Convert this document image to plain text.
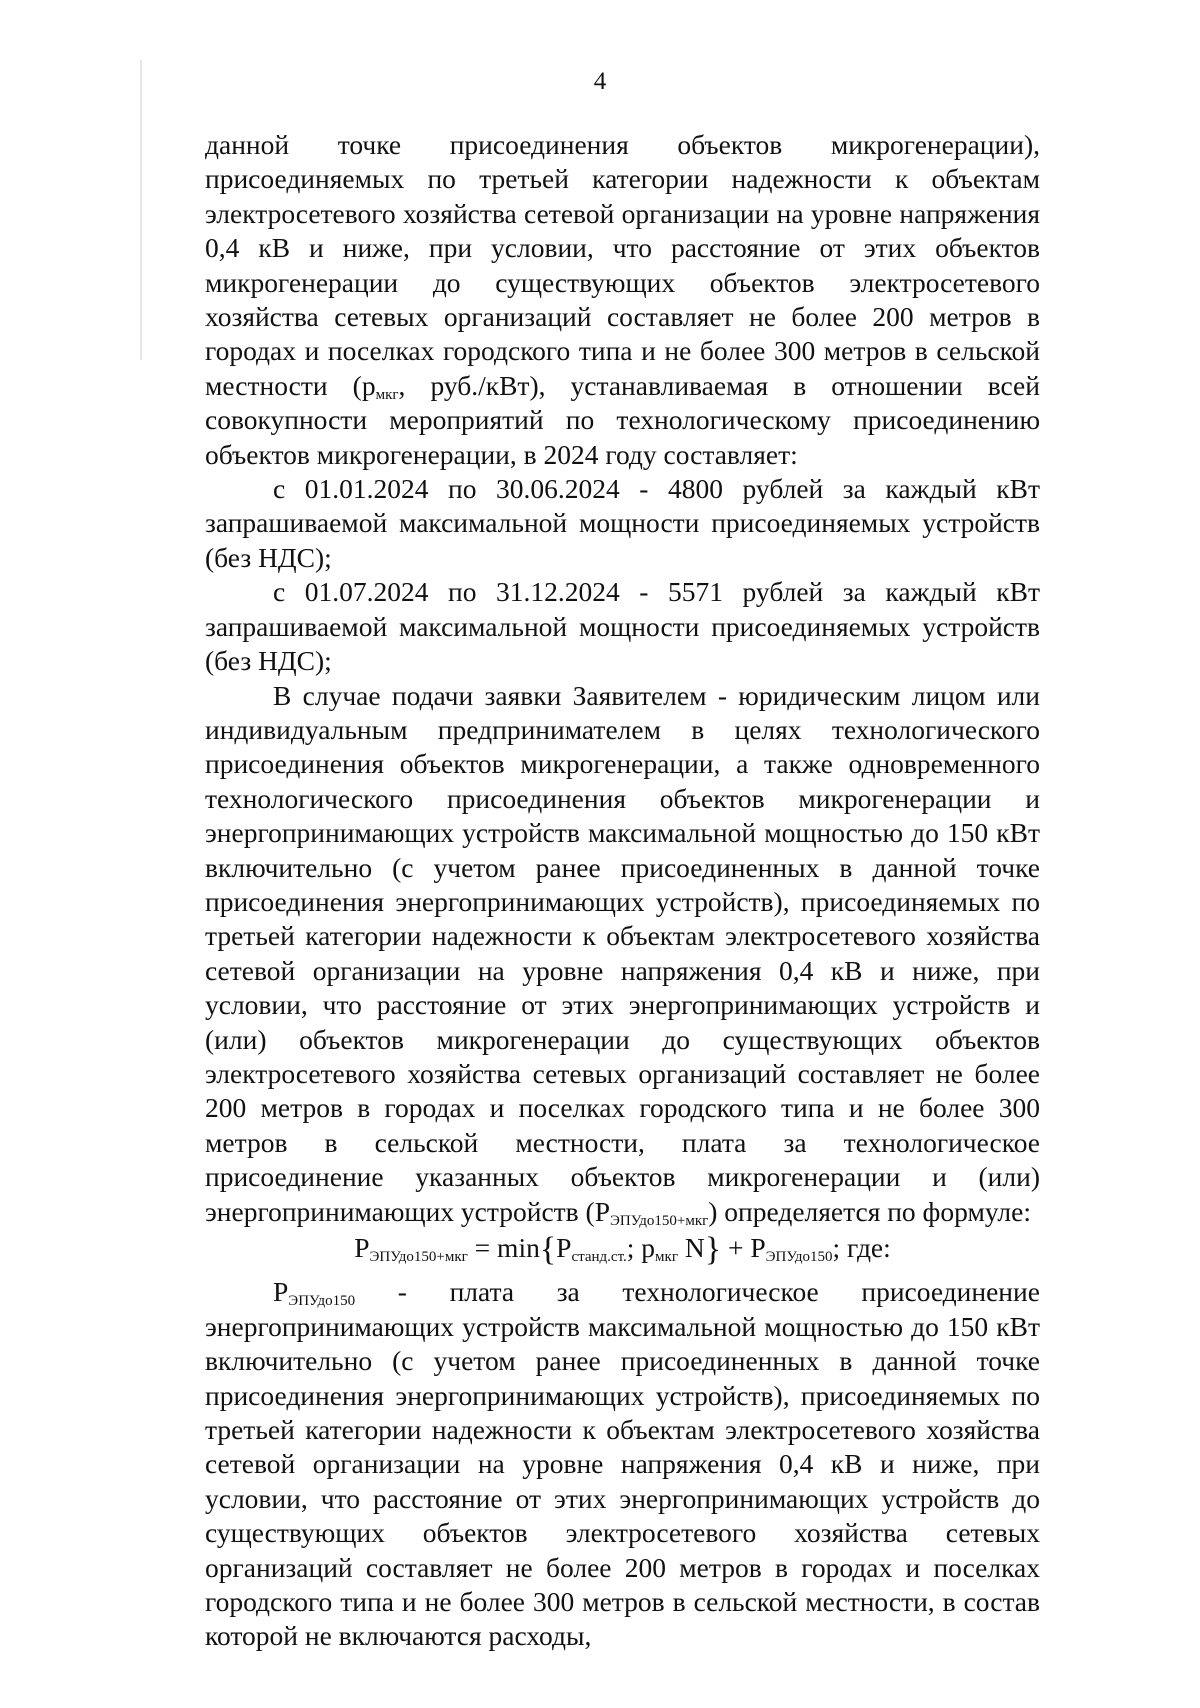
4

данной точке присоединения объектов микрогенерации), присоединяемых по третьей категории надежности к объектам электросетевого хозяйства сетевой организации на уровне напряжения 0,4 кВ и ниже, при условии, что расстояние от этих объектов микрогенерации до существующих объектов электросетевого хозяйства сетевых организаций составляет не более 200 метров в городах и поселках городского типа и не более 300 метров в сельской местности ($р_{мкг}$, руб./кВт), устанавливаемая в отношении всей совокупности мероприятий по технологическому присоединению объектов микрогенерации, в 2024 году составляет:

с 01.01.2024 по 30.06.2024 - 4800 рублей за каждый кВт запрашиваемой максимальной мощности присоединяемых устройств (без НДС);

с 01.07.2024 по 31.12.2024 - 5571 рублей за каждый кВт запрашиваемой максимальной мощности присоединяемых устройств (без НДС);

В случае подачи заявки Заявителем - юридическим лицом или индивидуальным предпринимателем в целях технологического присоединения объектов микрогенерации, а также одновременного технологического присоединения объектов микрогенерации и энергопринимающих устройств максимальной мощностью до 150 кВт включительно (с учетом ранее присоединенных в данной точке присоединения энергопринимающих устройств), присоединяемых по третьей категории надежности к объектам электросетевого хозяйства сетевой организации на уровне напряжения 0,4 кВ и ниже, при условии, что расстояние от этих энергопринимающих устройств и (или) объектов микрогенерации до существующих объектов электросетевого хозяйства сетевых организаций составляет не более 200 метров в городах и поселках городского типа и не более 300 метров в сельской местности, плата за технологическое присоединение указанных объектов микрогенерации и (или) энергопринимающих устройств $(Р_{ЭПУдо150+мкг})$ определяется по формуле:

$Р_{ЭПУдо150+мкг} = \min\{Р_{станд.ст.}$; $р_{мкг}$ $N\} + Р_{ЭПУдо150}$; где:
$Р_{ЭПУдо150}$ - плата за технологическое присоединение

энергопринимающих устройств максимальной мощностью до 150 кВт включительно (с учетом ранее присоединенных в данной точке присоединения энергопринимающих устройств), присоединяемых по третьей категории надежности к объектам электросетевого хозяйства сетевой организации на уровне напряжения 0,4 кВ и ниже, при условии, что расстояние от этих энергопринимающих устройств до существующих объектов электросетевого хозяйства сетевых организаций составляет не более 200 метров в городах и поселках городского типа и не более 300 метров в сельской местности, в состав которой не включаются расходы,
